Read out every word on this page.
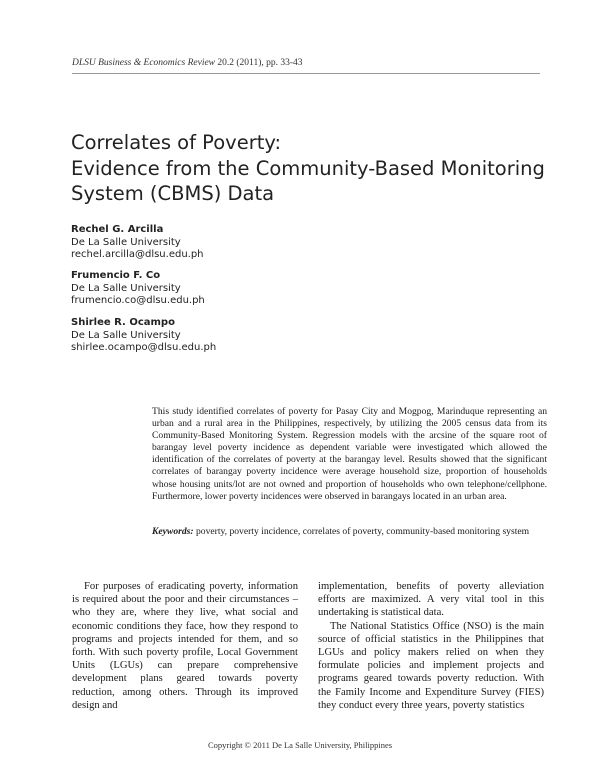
DLSU Business & Economics Review 20.2 (2011), pp. 33-43
Correlates of Poverty:
Evidence from the Community-Based Monitoring
System (CBMS) Data
Rechel G. Arcilla
De La Salle University
rechel.arcilla@dlsu.edu.ph
Frumencio F. Co
De La Salle University
frumencio.co@dlsu.edu.ph
Shirlee R. Ocampo
De La Salle University
shirlee.ocampo@dlsu.edu.ph

This study identified correlates of poverty for Pasay City and Mogpog, Marinduque representing an urban and a rural area in the Philippines, respectively, by utilizing the 2005 census data from its Community-Based Monitoring System. Regression models with the arcsine of the square root of barangay level poverty incidence as dependent variable were investigated which allowed the identification of the correlates of poverty at the barangay level. Results showed that the significant correlates of barangay poverty incidence were average household size, proportion of households whose housing units/lot are not owned and proportion of households who own telephone/cellphone. Furthermore, lower poverty incidences were observed in barangays located in an urban area.

Keywords: poverty, poverty incidence, correlates of poverty, community-based monitoring system

For purposes of eradicating poverty, information is required about the poor and their circumstances – who they are, where they live, what social and economic conditions they face, how they respond to programs and projects intended for them, and so forth. With such poverty profile, Local Government Units (LGUs) can prepare comprehensive development plans geared towards poverty reduction, among others. Through its improved design and

implementation, benefits of poverty alleviation efforts are maximized. A very vital tool in this undertaking is statistical data.

The National Statistics Office (NSO) is the main source of official statistics in the Philippines that LGUs and policy makers relied on when they formulate policies and implement projects and programs geared towards poverty reduction. With the Family Income and Expenditure Survey (FIES) they conduct every three years, poverty statistics

Copyright © 2011 De La Salle University, Philippines
